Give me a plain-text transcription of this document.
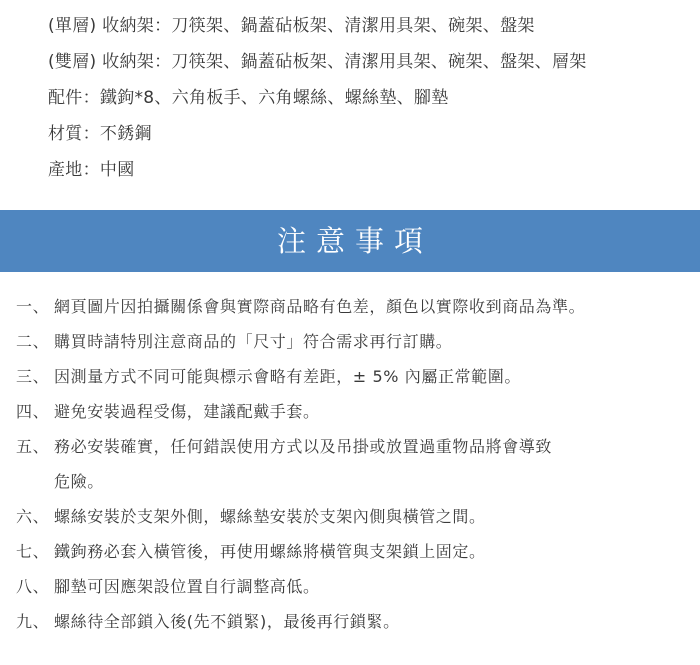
(單層) 收納架：刀筷架、鍋蓋砧板架、清潔用具架、碗架、盤架
(雙層) 收納架：刀筷架、鍋蓋砧板架、清潔用具架、碗架、盤架、層架
配件：鐵鉤*8、六角板手、六角螺絲、螺絲墊、腳墊
材質：不銹鋼
產地：中國
注意事項
一、 網頁圖片因拍攝關係會與實際商品略有色差，顏色以實際收到商品為準。
二、 購買時請特別注意商品的「尺寸」符合需求再行訂購。
三、 因測量方式不同可能與標示會略有差距，± 5% 內屬正常範圍。
四、 避免安裝過程受傷，建議配戴手套。
五、 務必安裝確實，任何錯誤使用方式以及吊掛或放置過重物品將會導致
危險。
六、 螺絲安裝於支架外側，螺絲墊安裝於支架內側與橫管之間。
七、 鐵鉤務必套入橫管後，再使用螺絲將橫管與支架鎖上固定。
八、 腳墊可因應架設位置自行調整高低。
九、 螺絲待全部鎖入後(先不鎖緊)，最後再行鎖緊。
